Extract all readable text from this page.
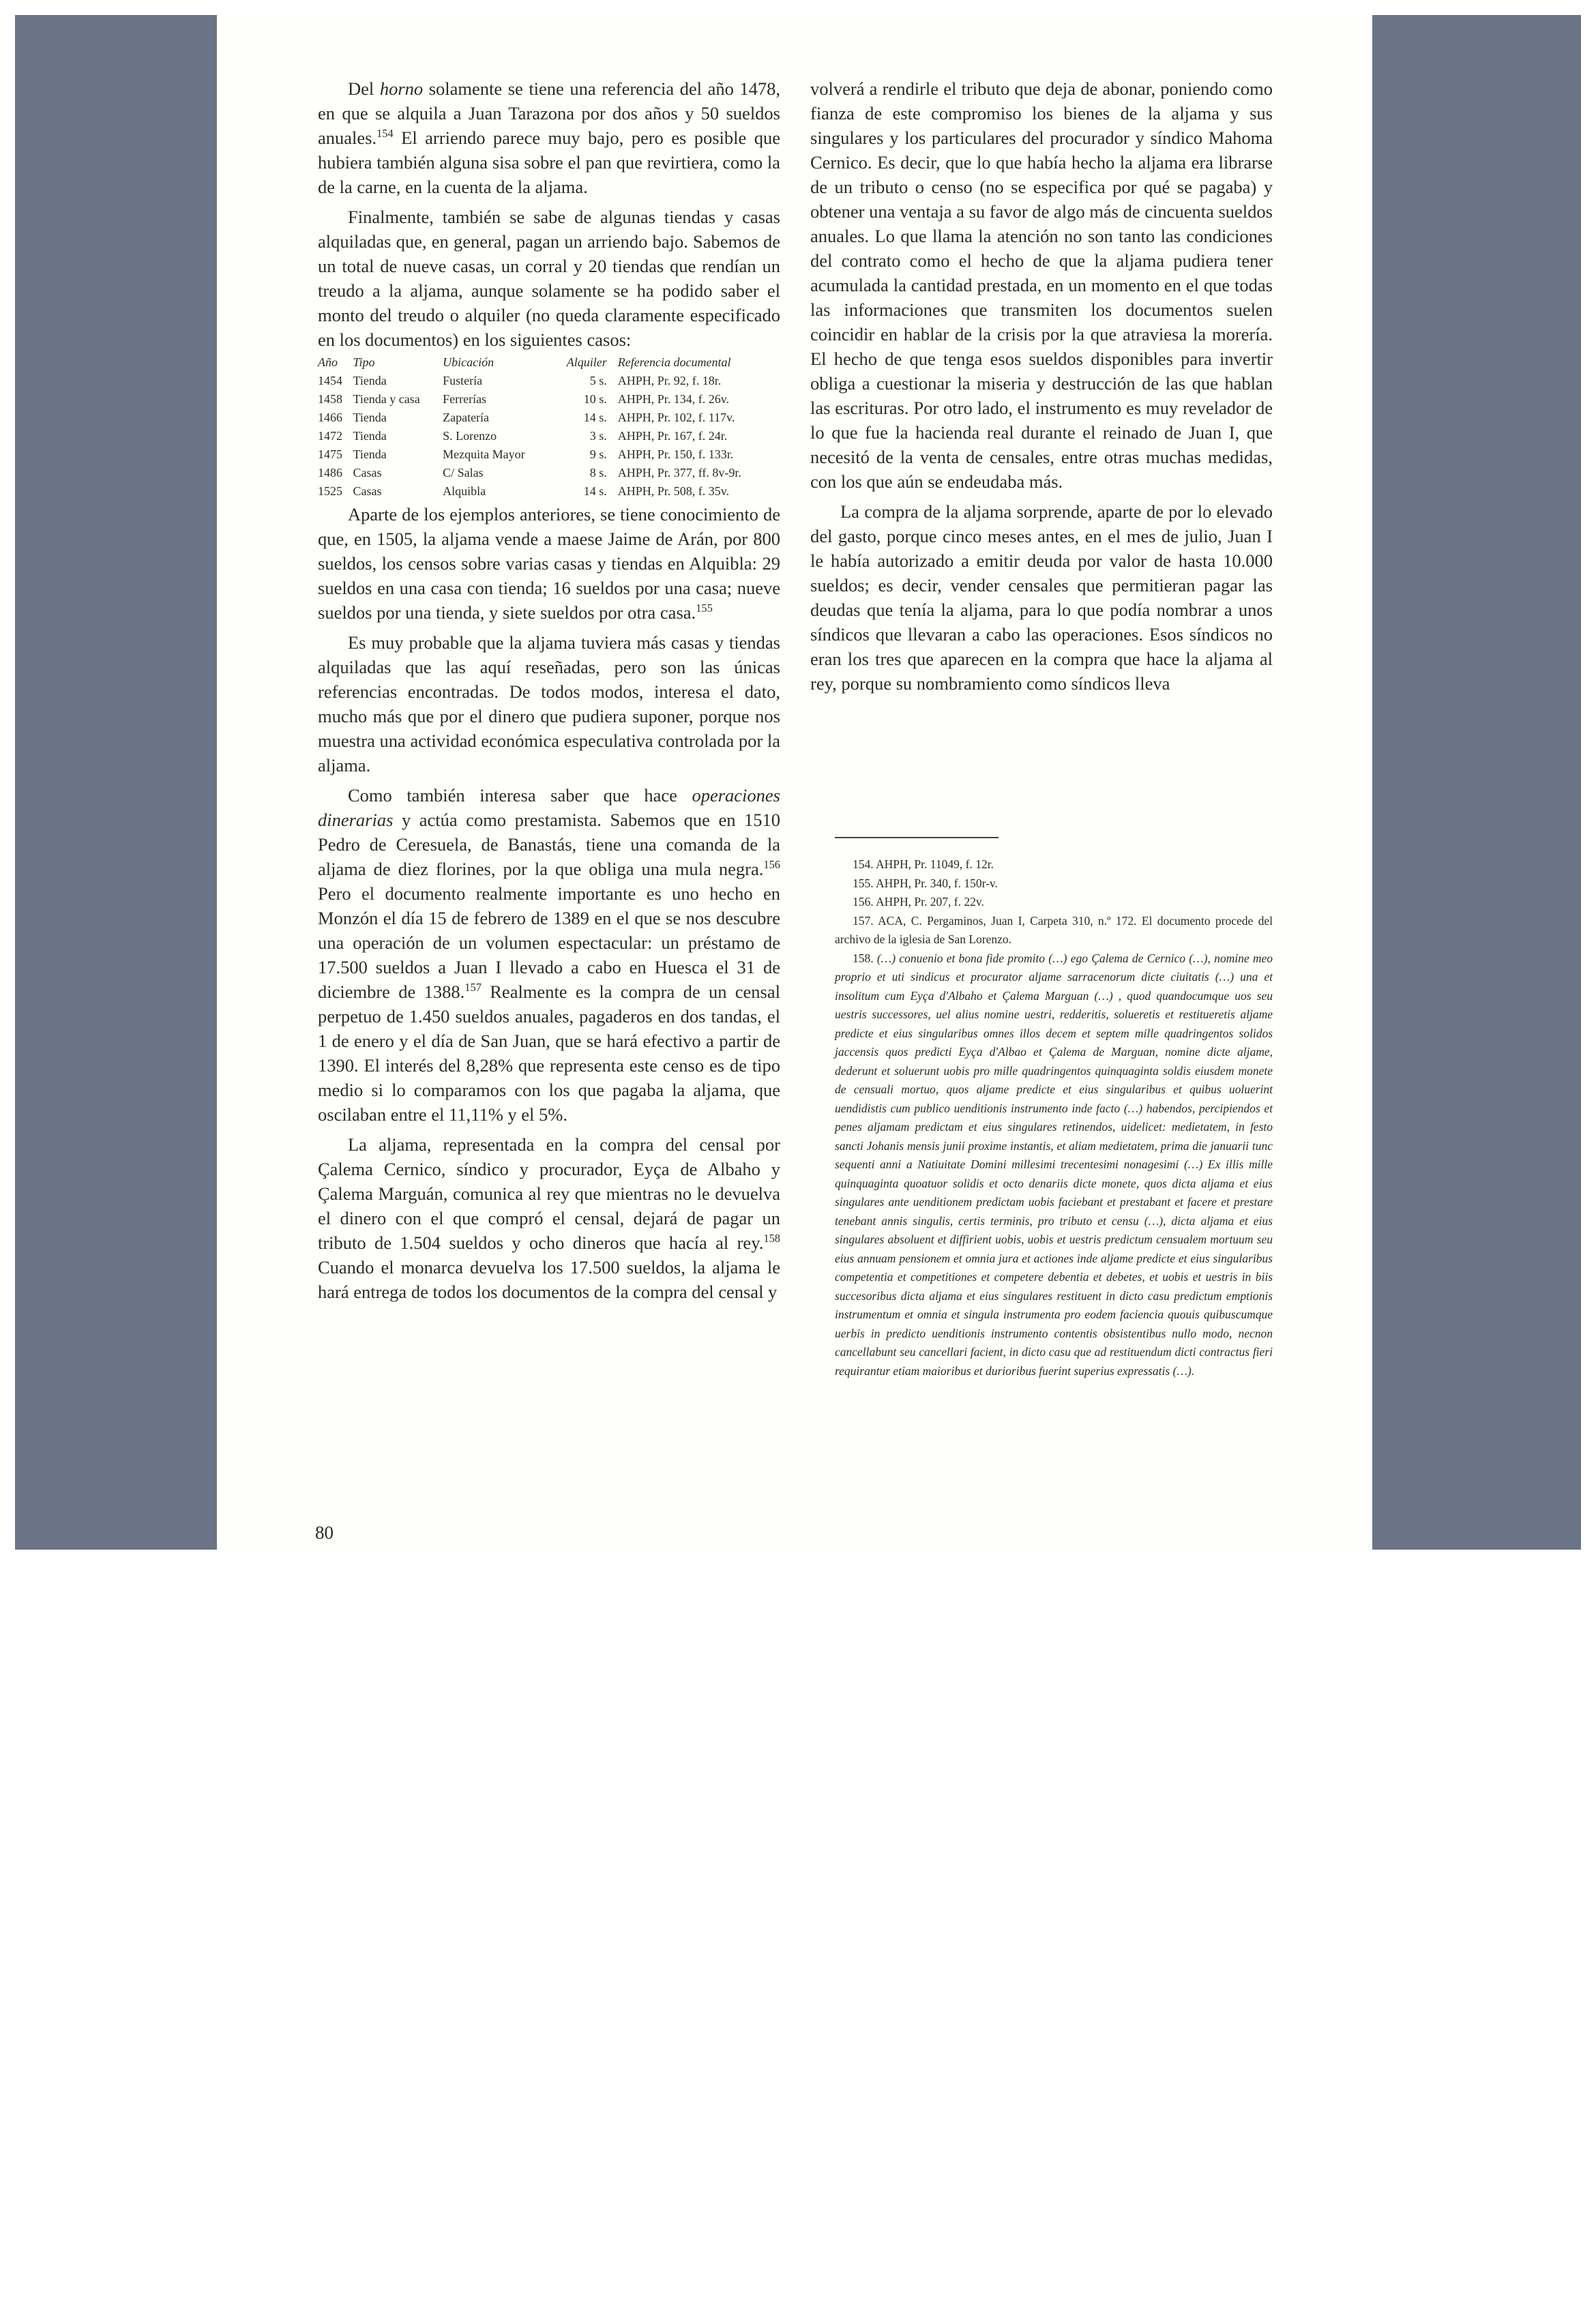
Del horno solamente se tiene una referencia del año 1478, en que se alquila a Juan Tarazona por dos años y 50 sueldos anuales.$^{154}$ El arriendo parece muy bajo, pero es posible que hubiera también alguna sisa sobre el pan que revirtiera, como la de la carne, en la cuenta de la aljama.

Finalmente, también se sabe de algunas tiendas y casas alquiladas que, en general, pagan un arriendo bajo. Sabemos de un total de nueve casas, un corral y 20 tiendas que rendían un treudo a la aljama, aunque solamente se ha podido saber el monto del treudo o alquiler (no queda claramente especificado en los documentos) en los siguientes casos:

Año	Tipo	Ubicación	Alquiler	Referencia documental
1454	Tienda	Fustería	5 s.	AHPH, Pr. 92, f. 18r.
1458	Tienda y casa	Ferrerías	10 s.	AHPH, Pr. 134, f. 26v.
1466	Tienda	Zapatería	14 s.	AHPH, Pr. 102, f. 117v.
1472	Tienda	S. Lorenzo	3 s.	AHPH, Pr. 167, f. 24r.
1475	Tienda	Mezquita Mayor	9 s.	AHPH, Pr. 150, f. 133r.
1486	Casas	C/ Salas	8 s.	AHPH, Pr. 377, ff. 8v-9r.
1525	Casas	Alquibla	14 s.	AHPH, Pr. 508, f. 35v.

Aparte de los ejemplos anteriores, se tiene conocimiento de que, en 1505, la aljama vende a maese Jaime de Arán, por 800 sueldos, los censos sobre varias casas y tiendas en Alquibla: 29 sueldos en una casa con tienda; 16 sueldos por una casa; nueve sueldos por una tienda, y siete sueldos por otra casa.$^{155}$

Es muy probable que la aljama tuviera más casas y tiendas alquiladas que las aquí reseñadas, pero son las únicas referencias encontradas. De todos modos, interesa el dato, mucho más que por el dinero que pudiera suponer, porque nos muestra una actividad económica especulativa controlada por la aljama.

Como también interesa saber que hace operaciones dinerarias y actúa como prestamista. Sabemos que en 1510 Pedro de Ceresuela, de Banastás, tiene una comanda de la aljama de diez florines, por la que obliga una mula negra.$^{156}$ Pero el documento realmente importante es uno hecho en Monzón el día 15 de febrero de 1389 en el que se nos descubre una operación de un volumen espectacular: un préstamo de 17.500 sueldos a Juan I llevado a cabo en Huesca el 31 de diciembre de 1388.$^{157}$ Realmente es la compra de un censal perpetuo de 1.450 sueldos anuales, pagaderos en dos tandas, el 1 de enero y el día de San Juan, que se hará efectivo a partir de 1390. El interés del 8,28% que representa este censo es de tipo medio si lo comparamos con los que pagaba la aljama, que oscilaban entre el 11,11% y el 5%.

La aljama, representada en la compra del censal por Çalema Cernico, síndico y procurador, Eyça de Albaho y Çalema Marguán, comunica al rey que mientras no le devuelva el dinero con el que compró el censal, dejará de pagar un tributo de 1.504 sueldos y ocho dineros que hacía al rey.$^{158}$ Cuando el monarca devuelva los 17.500 sueldos, la aljama le hará entrega de todos los documentos de la compra del censal y

volverá a rendirle el tributo que deja de abonar, poniendo como fianza de este compromiso los bienes de la aljama y sus singulares y los particulares del procurador y síndico Mahoma Cernico. Es decir, que lo que había hecho la aljama era librarse de un tributo o censo (no se especifica por qué se pagaba) y obtener una ventaja a su favor de algo más de cincuenta sueldos anuales. Lo que llama la atención no son tanto las condiciones del contrato como el hecho de que la aljama pudiera tener acumulada la cantidad prestada, en un momento en el que todas las informaciones que transmiten los documentos suelen coincidir en hablar de la crisis por la que atraviesa la morería. El hecho de que tenga esos sueldos disponibles para invertir obliga a cuestionar la miseria y destrucción de las que hablan las escrituras. Por otro lado, el instrumento es muy revelador de lo que fue la hacienda real durante el reinado de Juan I, que necesitó de la venta de censales, entre otras muchas medidas, con los que aún se endeudaba más.

La compra de la aljama sorprende, aparte de por lo elevado del gasto, porque cinco meses antes, en el mes de julio, Juan I le había autorizado a emitir deuda por valor de hasta 10.000 sueldos; es decir, vender censales que permitieran pagar las deudas que tenía la aljama, para lo que podía nombrar a unos síndicos que llevaran a cabo las operaciones. Esos síndicos no eran los tres que aparecen en la compra que hace la aljama al rey, porque su nombramiento como síndicos lleva

154. AHPH, Pr. 11049, f. 12r.

155. AHPH, Pr. 340, f. 150r-v.

156. AHPH, Pr. 207, f. 22v.

157. ACA, C. Pergaminos, Juan I, Carpeta 310, n.º 172. El documento procede del archivo de la iglesia de San Lorenzo.

158. (…) conuenio et bona fide promito (…) ego Çalema de Cernico (…), nomine meo proprio et uti sindicus et procurator aljame sarracenorum dicte ciuitatis (…) una et insolitum cum Eyça d'Albaho et Çalema Marguan (…) , quod quandocumque uos seu uestris successores, uel alius nomine uestri, redderitis, solueretis et restitueretis aljame predicte et eius singularibus omnes illos decem et septem mille quadringentos solidos jaccensis quos predicti Eyça d'Albao et Çalema de Marguan, nomine dicte aljame, dederunt et soluerunt uobis pro mille quadringentos quinquaginta soldis eiusdem monete de censuali mortuo, quos aljame predicte et eius singularibus et quibus uoluerint uendidistis cum publico uenditionis instrumento inde facto (…) habendos, percipiendos et penes aljamam predictam et eius singulares retinendos, uidelicet: medietatem, in festo sancti Johanis mensis junii proxime instantis, et aliam medietatem, prima die januarii tunc sequenti anni a Natiuitate Domini millesimi trecentesimi nonagesimi (…) Ex illis mille quinquaginta quoatuor solidis et octo denariis dicte monete, quos dicta aljama et eius singulares ante uenditionem predictam uobis faciebant et prestabant et facere et prestare tenebant annis singulis, certis terminis, pro tributo et censu (…), dicta aljama et eius singulares absoluent et diffirient uobis, uobis et uestris predictum censualem mortuum seu eius annuam pensionem et omnia jura et actiones inde aljame predicte et eius singularibus competentia et competitiones et competere debentia et debetes, et uobis et uestris in biis succesoribus dicta aljama et eius singulares restituent in dicto casu predictum emptionis instrumentum et omnia et singula instrumenta pro eodem faciencia quouis quibuscumque uerbis in predicto uenditionis instrumento contentis obsistentibus nullo modo, necnon cancellabunt seu cancellari facient, in dicto casu que ad restituendum dicti contractus fieri requirantur etiam maioribus et durioribus fuerint superius expressatis (…).

80
